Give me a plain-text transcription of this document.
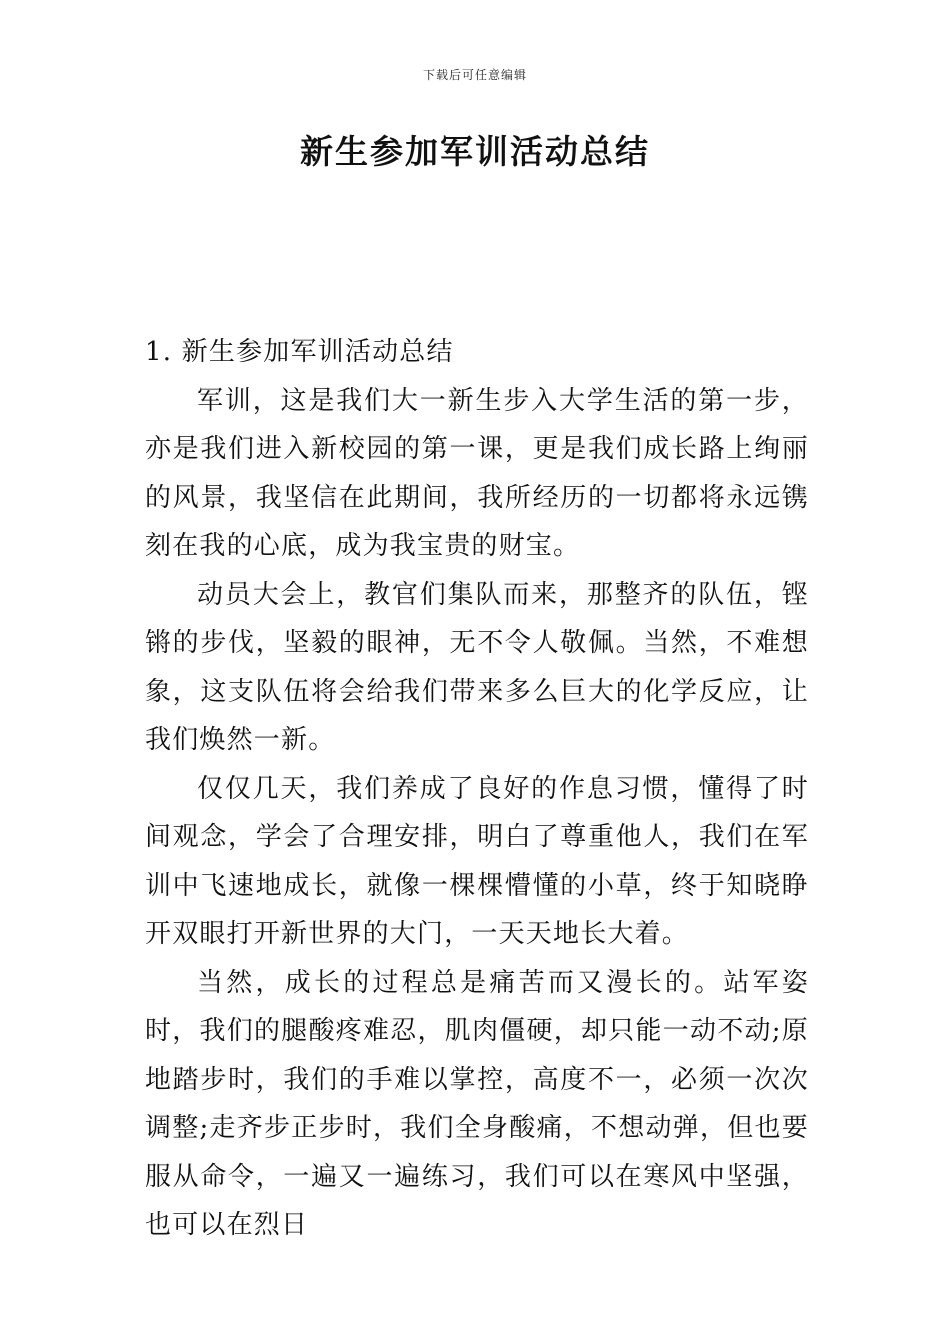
下载后可任意编辑
新生参加军训活动总结

1. 新生参加军训活动总结

军训，这是我们大一新生步入大学生活的第一步，亦是我们进入新校园的第一课，更是我们成长路上绚丽的风景，我坚信在此期间，我所经历的一切都将永远镌刻在我的心底，成为我宝贵的财宝。

动员大会上，教官们集队而来，那整齐的队伍，铿锵的步伐，坚毅的眼神，无不令人敬佩。当然，不难想象，这支队伍将会给我们带来多么巨大的化学反应，让我们焕然一新。

仅仅几天，我们养成了良好的作息习惯，懂得了时间观念，学会了合理安排，明白了尊重他人，我们在军训中飞速地成长，就像一棵棵懵懂的小草，终于知晓睁开双眼打开新世界的大门，一天天地长大着。

当然，成长的过程总是痛苦而又漫长的。站军姿时，我们的腿酸疼难忍，肌肉僵硬，却只能一动不动;原地踏步时，我们的手难以掌控，高度不一，必须一次次调整;走齐步正步时，我们全身酸痛，不想动弹，但也要服从命令，一遍又一遍练习，我们可以在寒风中坚强，也可以在烈日
